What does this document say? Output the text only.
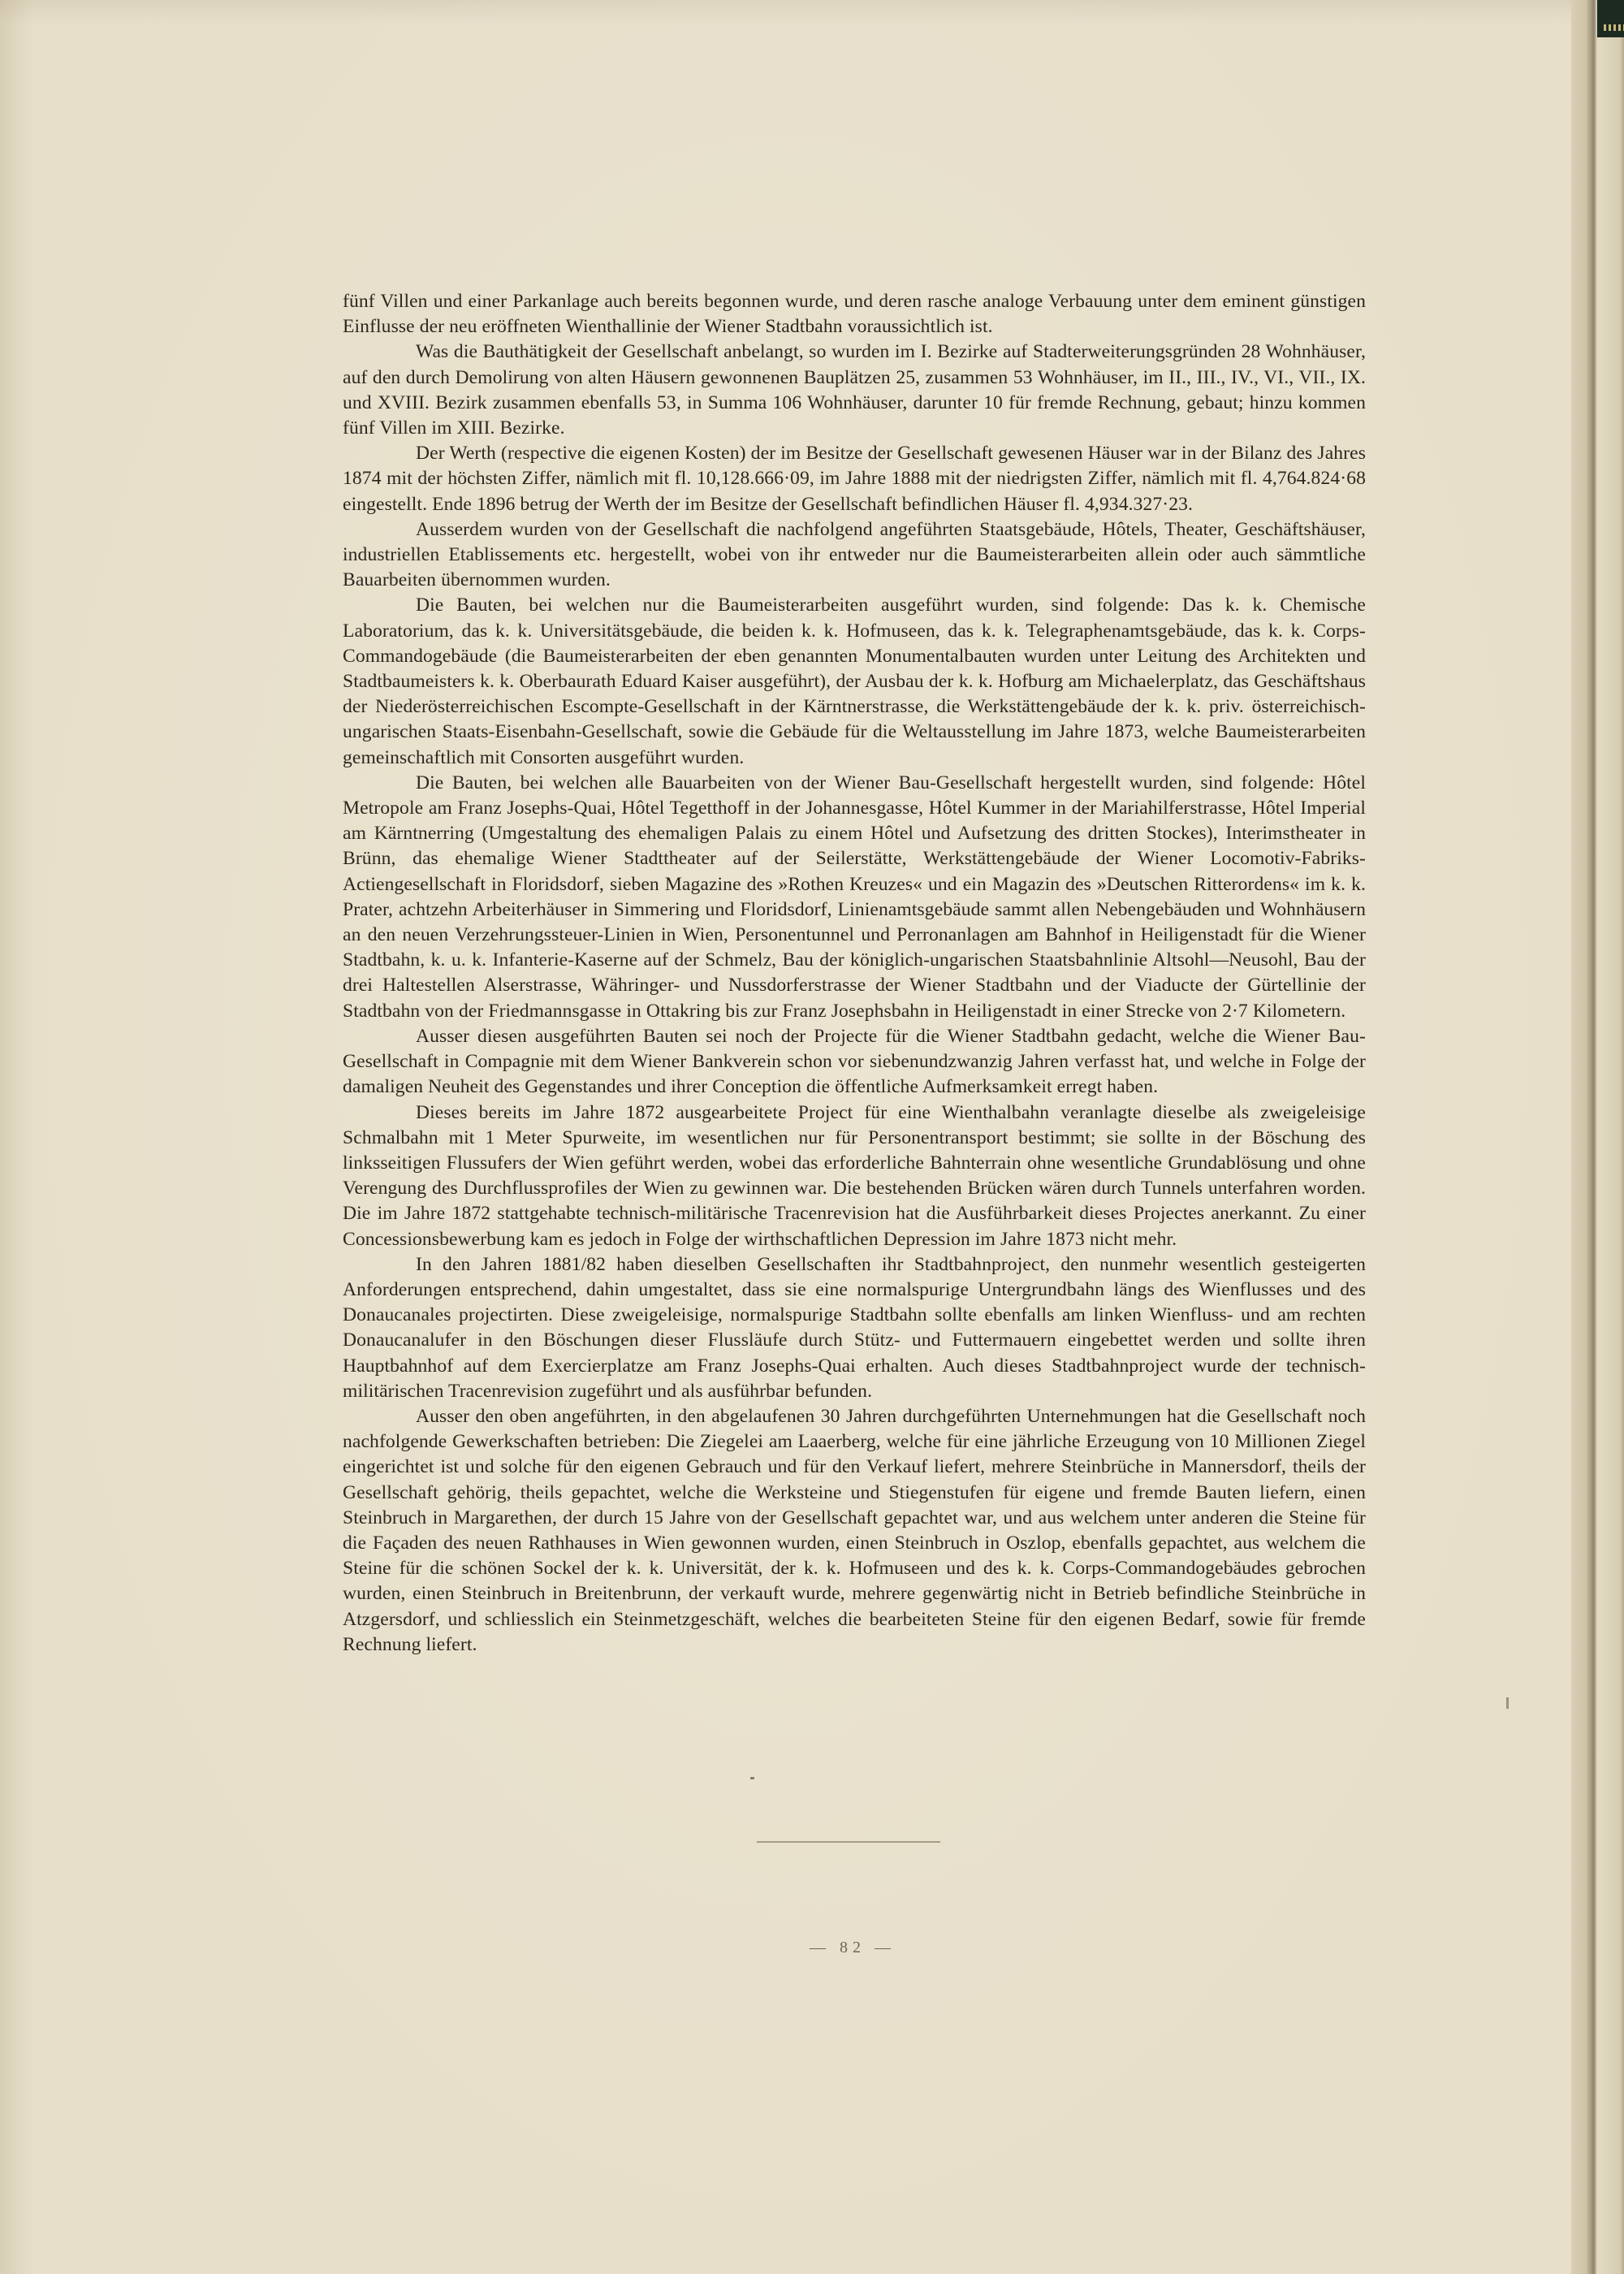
fünf Villen und einer Parkanlage auch bereits begonnen wurde, und deren rasche analoge Verbauung unter dem eminent günstigen Einflusse der neu eröffneten Wienthallinie der Wiener Stadtbahn voraussichtlich ist.

Was die Bauthätigkeit der Gesellschaft anbelangt, so wurden im I. Bezirke auf Stadterweiterungsgründen 28 Wohnhäuser, auf den durch Demolirung von alten Häusern gewonnenen Bauplätzen 25, zusammen 53 Wohnhäuser, im II., III., IV., VI., VII., IX. und XVIII. Bezirk zusammen ebenfalls 53, in Summa 106 Wohnhäuser, darunter 10 für fremde Rechnung, gebaut; hinzu kommen fünf Villen im XIII. Bezirke.

Der Werth (respective die eigenen Kosten) der im Besitze der Gesellschaft gewesenen Häuser war in der Bilanz des Jahres 1874 mit der höchsten Ziffer, nämlich mit fl. 10,128.666·09, im Jahre 1888 mit der niedrigsten Ziffer, nämlich mit fl. 4,764.824·68 eingestellt. Ende 1896 betrug der Werth der im Besitze der Gesellschaft befindlichen Häuser fl. 4,934.327·23.

Ausserdem wurden von der Gesellschaft die nachfolgend angeführten Staatsgebäude, Hôtels, Theater, Geschäftshäuser, industriellen Etablissements etc. hergestellt, wobei von ihr entweder nur die Baumeisterarbeiten allein oder auch sämmtliche Bauarbeiten übernommen wurden.

Die Bauten, bei welchen nur die Baumeisterarbeiten ausgeführt wurden, sind folgende: Das k. k. Chemische Laboratorium, das k. k. Universitätsgebäude, die beiden k. k. Hofmuseen, das k. k. Telegraphenamtsgebäude, das k. k. Corps-Commandogebäude (die Baumeisterarbeiten der eben genannten Monumentalbauten wurden unter Leitung des Architekten und Stadtbaumeisters k. k. Oberbaurath Eduard Kaiser ausgeführt), der Ausbau der k. k. Hofburg am Michaelerplatz, das Geschäftshaus der Niederösterreichischen Escompte-Gesellschaft in der Kärntnerstrasse, die Werkstättengebäude der k. k. priv. österreichisch-ungarischen Staats-Eisenbahn-Gesellschaft, sowie die Gebäude für die Weltausstellung im Jahre 1873, welche Baumeisterarbeiten gemeinschaftlich mit Consorten ausgeführt wurden.

Die Bauten, bei welchen alle Bauarbeiten von der Wiener Bau-Gesellschaft hergestellt wurden, sind folgende: Hôtel Metropole am Franz Josephs-Quai, Hôtel Tegetthoff in der Johannesgasse, Hôtel Kummer in der Mariahilferstrasse, Hôtel Imperial am Kärntnerring (Umgestaltung des ehemaligen Palais zu einem Hôtel und Aufsetzung des dritten Stockes), Interimstheater in Brünn, das ehemalige Wiener Stadttheater auf der Seilerstätte, Werkstättengebäude der Wiener Locomotiv-Fabriks-Actiengesellschaft in Floridsdorf, sieben Magazine des »Rothen Kreuzes« und ein Magazin des »Deutschen Ritterordens« im k. k. Prater, achtzehn Arbeiterhäuser in Simmering und Floridsdorf, Linienamtsgebäude sammt allen Nebengebäuden und Wohnhäusern an den neuen Verzehrungssteuer-Linien in Wien, Personentunnel und Perronanlagen am Bahnhof in Heiligenstadt für die Wiener Stadtbahn, k. u. k. Infanterie-Kaserne auf der Schmelz, Bau der königlich-ungarischen Staatsbahnlinie Altsohl—Neusohl, Bau der drei Haltestellen Alserstrasse, Währinger- und Nussdorferstrasse der Wiener Stadtbahn und der Viaducte der Gürtellinie der Stadtbahn von der Friedmannsgasse in Ottakring bis zur Franz Josephsbahn in Heiligenstadt in einer Strecke von 2·7 Kilometern.

Ausser diesen ausgeführten Bauten sei noch der Projecte für die Wiener Stadtbahn gedacht, welche die Wiener Bau-Gesellschaft in Compagnie mit dem Wiener Bankverein schon vor siebenundzwanzig Jahren verfasst hat, und welche in Folge der damaligen Neuheit des Gegenstandes und ihrer Conception die öffentliche Aufmerksamkeit erregt haben.

Dieses bereits im Jahre 1872 ausgearbeitete Project für eine Wienthalbahn veranlagte dieselbe als zweigeleisige Schmalbahn mit 1 Meter Spurweite, im wesentlichen nur für Personentransport bestimmt; sie sollte in der Böschung des linksseitigen Flussufers der Wien geführt werden, wobei das erforderliche Bahnterrain ohne wesentliche Grundablösung und ohne Verengung des Durchflussprofiles der Wien zu gewinnen war. Die bestehenden Brücken wären durch Tunnels unterfahren worden. Die im Jahre 1872 stattgehabte technisch-militärische Tracenrevision hat die Ausführbarkeit dieses Projectes anerkannt. Zu einer Concessionsbewerbung kam es jedoch in Folge der wirthschaftlichen Depression im Jahre 1873 nicht mehr.

In den Jahren 1881/82 haben dieselben Gesellschaften ihr Stadtbahnproject, den nunmehr wesentlich gesteigerten Anforderungen entsprechend, dahin umgestaltet, dass sie eine normalspurige Untergrundbahn längs des Wienflusses und des Donaucanales projectirten. Diese zweigeleisige, normalspurige Stadtbahn sollte ebenfalls am linken Wienfluss- und am rechten Donaucanalufer in den Böschungen dieser Flussläufe durch Stütz- und Futtermauern eingebettet werden und sollte ihren Hauptbahnhof auf dem Exercierplatze am Franz Josephs-Quai erhalten. Auch dieses Stadtbahnproject wurde der technisch-militärischen Tracenrevision zugeführt und als ausführbar befunden.

Ausser den oben angeführten, in den abgelaufenen 30 Jahren durchgeführten Unternehmungen hat die Gesellschaft noch nachfolgende Gewerkschaften betrieben: Die Ziegelei am Laaerberg, welche für eine jährliche Erzeugung von 10 Millionen Ziegel eingerichtet ist und solche für den eigenen Gebrauch und für den Verkauf liefert, mehrere Steinbrüche in Mannersdorf, theils der Gesellschaft gehörig, theils gepachtet, welche die Werksteine und Stiegenstufen für eigene und fremde Bauten liefern, einen Steinbruch in Margarethen, der durch 15 Jahre von der Gesellschaft gepachtet war, und aus welchem unter anderen die Steine für die Façaden des neuen Rathhauses in Wien gewonnen wurden, einen Steinbruch in Oszlop, ebenfalls gepachtet, aus welchem die Steine für die schönen Sockel der k. k. Universität, der k. k. Hofmuseen und des k. k. Corps-Commandogebäudes gebrochen wurden, einen Steinbruch in Breitenbrunn, der verkauft wurde, mehrere gegenwärtig nicht in Betrieb befindliche Steinbrüche in Atzgersdorf, und schliesslich ein Steinmetzgeschäft, welches die bearbeiteten Steine für den eigenen Bedarf, sowie für fremde Rechnung liefert.

— 82 —
